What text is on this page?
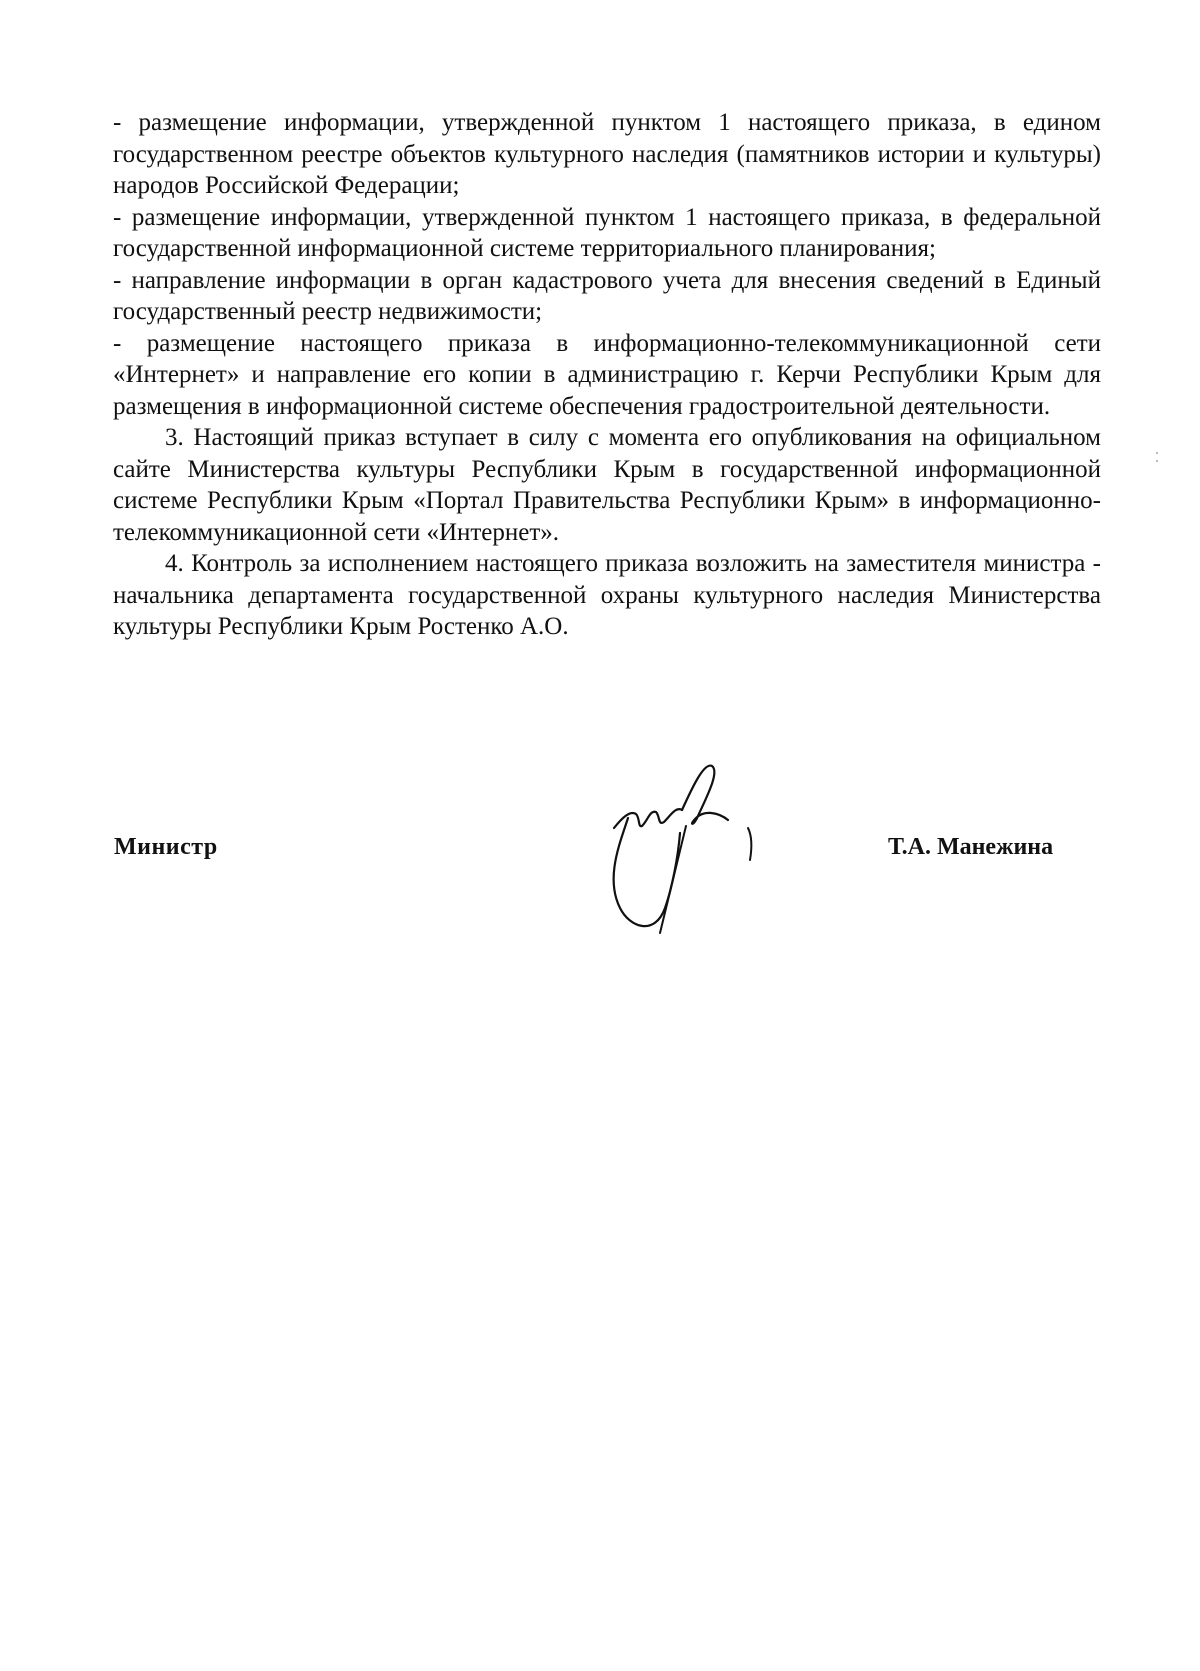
- размещение информации, утвержденной пунктом 1 настоящего приказа, в едином государственном реестре объектов культурного наследия (памятников истории и культуры) народов Российской Федерации;

- размещение информации, утвержденной пунктом 1 настоящего приказа, в федеральной государственной информационной системе территориального планирования;

- направление информации в орган кадастрового учета для внесения сведений в Единый государственный реестр недвижимости;

- размещение настоящего приказа в информационно-телекоммуникационной сети «Интернет» и направление его копии в администрацию г. Керчи Республики Крым для размещения в информационной системе обеспечения градостроительной деятельности.

3. Настоящий приказ вступает в силу с момента его опубликования на официальном сайте Министерства культуры Республики Крым в государственной информационной системе Республики Крым «Портал Правительства Республики Крым» в информационно-телекоммуникационной сети «Интернет».

4. Контроль за исполнением настоящего приказа возложить на заместителя министра - начальника департамента государственной охраны культурного наследия Министерства культуры Республики Крым Ростенко А.О.

Министр	Т.А. Манежина
